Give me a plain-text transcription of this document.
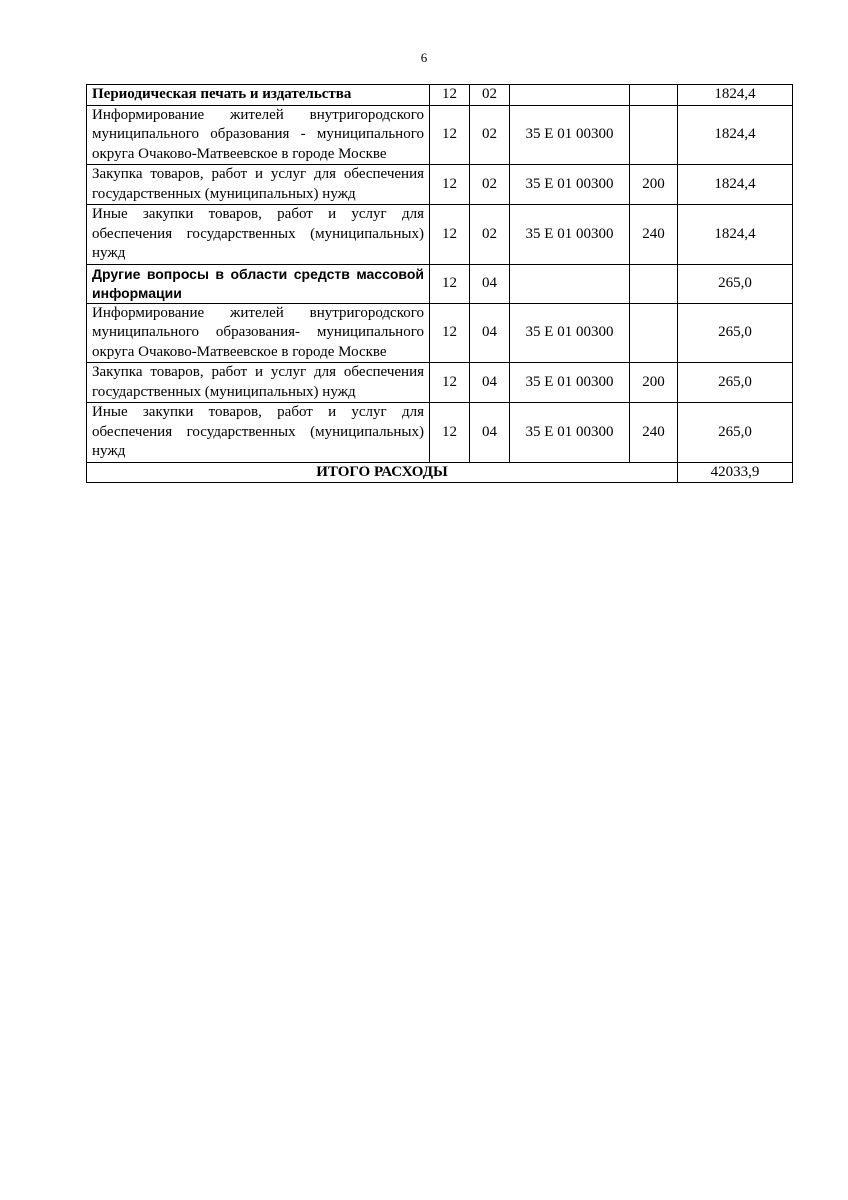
6
Периодическая печать и издательства	12	02			1824,4
Информирование жителей внутригородского муниципального образования - муниципального округа Очаково-Матвеевское в городе Москве	12	02	35 Е 01 00300		1824,4
Закупка товаров, работ и услуг для обеспечения государственных (муниципальных) нужд	12	02	35 Е 01 00300	200	1824,4
Иные закупки товаров, работ и услуг для обеспечения государственных (муниципальных) нужд	12	02	35 Е 01 00300	240	1824,4
Другие вопросы в области средств массовой информации	12	04			265,0
Информирование жителей внутригородского муниципального образования- муниципального округа Очаково-Матвеевское в городе Москве	12	04	35 Е 01 00300		265,0
Закупка товаров, работ и услуг для обеспечения государственных (муниципальных) нужд	12	04	35 Е 01 00300	200	265,0
Иные закупки товаров, работ и услуг для обеспечения государственных (муниципальных) нужд	12	04	35 Е 01 00300	240	265,0
ИТОГО РАСХОДЫ					42033,9
